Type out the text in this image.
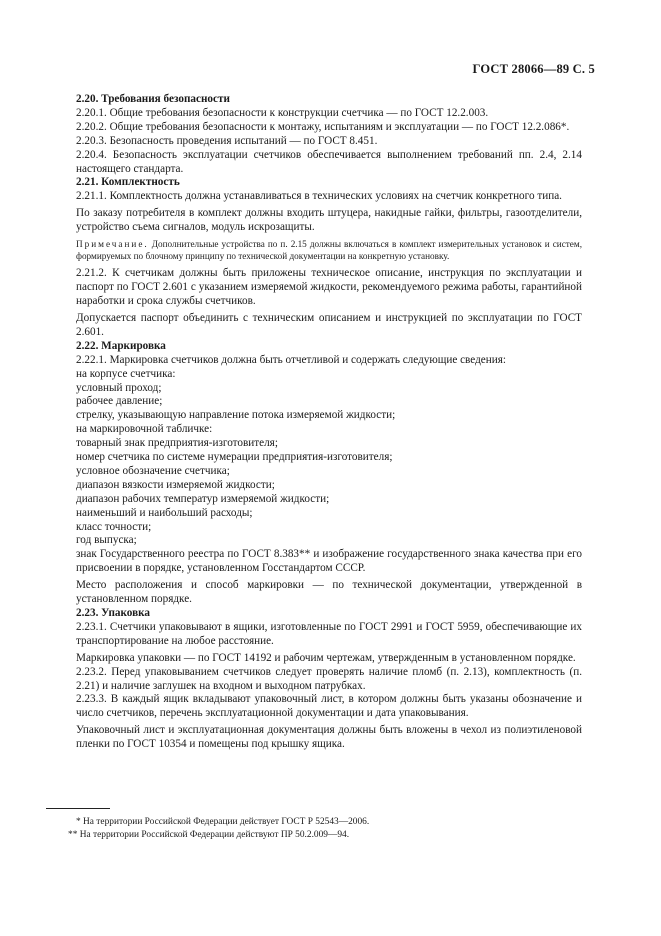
ГОСТ 28066—89 С. 5

2.20. Требования безопасности

2.20.1. Общие требования безопасности к конструкции счетчика — по ГОСТ 12.2.003.

2.20.2. Общие требования безопасности к монтажу, испытаниям и эксплуатации — по ГОСТ 12.2.086*.

2.20.3. Безопасность проведения испытаний — по ГОСТ 8.451.

2.20.4. Безопасность эксплуатации счетчиков обеспечивается выполнением требований пп. 2.4, 2.14 настоящего стандарта.

2.21. Комплектность

2.21.1. Комплектность должна устанавливаться в технических условиях на счетчик конкретного типа.

По заказу потребителя в комплект должны входить штуцера, накидные гайки, фильтры, газоотделители, устройство съема сигналов, модуль искрозащиты.

Примечание. Дополнительные устройства по п. 2.15 должны включаться в комплект измерительных установок и систем, формируемых по блочному принципу по технической документации на конкретную установку.

2.21.2. К счетчикам должны быть приложены техническое описание, инструкция по эксплуатации и паспорт по ГОСТ 2.601 с указанием измеряемой жидкости, рекомендуемого режима работы, гарантийной наработки и срока службы счетчиков.

Допускается паспорт объединить с техническим описанием и инструкцией по эксплуатации по ГОСТ 2.601.

2.22. Маркировка

2.22.1. Маркировка счетчиков должна быть отчетливой и содержать следующие сведения:

на корпусе счетчика:

условный проход;

рабочее давление;

стрелку, указывающую направление потока измеряемой жидкости;

на маркировочной табличке:

товарный знак предприятия-изготовителя;

номер счетчика по системе нумерации предприятия-изготовителя;

условное обозначение счетчика;

диапазон вязкости измеряемой жидкости;

диапазон рабочих температур измеряемой жидкости;

наименьший и наибольший расходы;

класс точности;

год выпуска;

знак Государственного реестра по ГОСТ 8.383** и изображение государственного знака качества при его присвоении в порядке, установленном Госстандартом СССР.

Место расположения и способ маркировки — по технической документации, утвержденной в установленном порядке.

2.23. Упаковка

2.23.1. Счетчики упаковывают в ящики, изготовленные по ГОСТ 2991 и ГОСТ 5959, обеспечивающие их транспортирование на любое расстояние.

Маркировка упаковки — по ГОСТ 14192 и рабочим чертежам, утвержденным в установленном порядке.

2.23.2. Перед упаковыванием счетчиков следует проверять наличие пломб (п. 2.13), комплектность (п. 2.21) и наличие заглушек на входном и выходном патрубках.

2.23.3. В каждый ящик вкладывают упаковочный лист, в котором должны быть указаны обозначение и число счетчиков, перечень эксплуатационной документации и дата упаковывания.

Упаковочный лист и эксплуатационная документация должны быть вложены в чехол из полиэтиленовой пленки по ГОСТ 10354 и помещены под крышку ящика.

* На территории Российской Федерации действует ГОСТ Р 52543—2006.

** На территории Российской Федерации действуют ПР 50.2.009—94.
